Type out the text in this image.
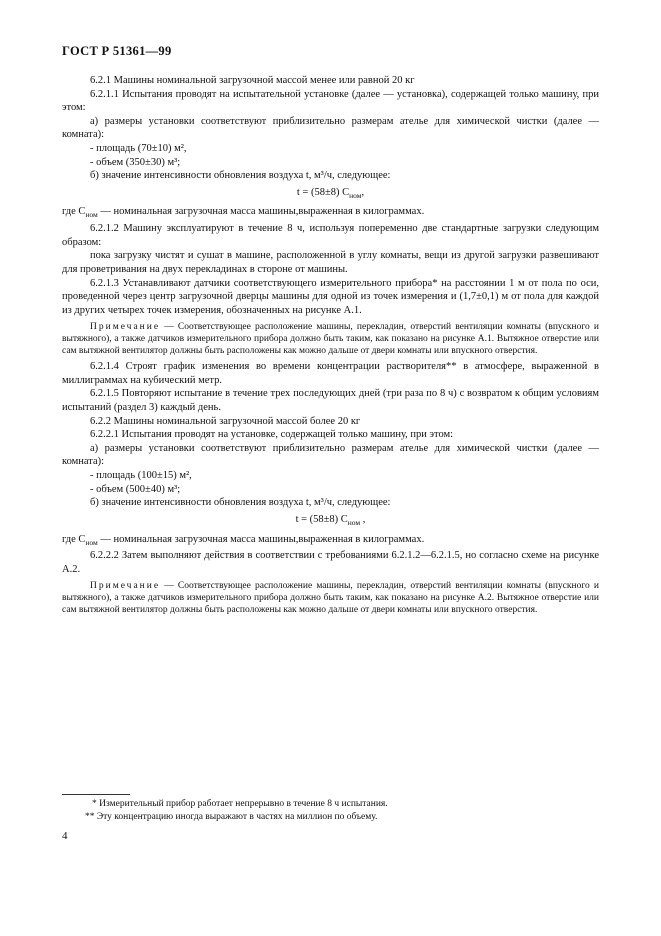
ГОСТ Р 51361—99

6.2.1 Машины номинальной загрузочной массой менее или равной 20 кг

6.2.1.1 Испытания проводят на испытательной установке (далее — установка), содержащей только машину, при этом:

а) размеры установки соответствуют приблизительно размерам ателье для химической чистки (далее — комната):

- площадь (70±10) м²,

- объем (350±30) м³;

б) значение интенсивности обновления воздуха t, м³/ч, следующее:

t = (58±8) $C_{ном}$,

где $C_{ном}$ — номинальная загрузочная масса машины,выраженная в килограммах.

6.2.1.2 Машину эксплуатируют в течение 8 ч, используя попеременно две стандартные загрузки следующим образом:

пока загрузку чистят и сушат в машине, расположенной в углу комнаты, вещи из другой загрузки развешивают для проветривания на двух перекладинах в стороне от машины.

6.2.1.3 Устанавливают датчики соответствующего измерительного прибора* на расстоянии 1 м от пола по оси, проведенной через центр загрузочной дверцы машины для одной из точек измерения и (1,7±0,1) м от пола для каждой из других четырех точек измерения, обозначенных на рисунке А.1.

Примечание — Соответствующее расположение машины, перекладин, отверстий вентиляции комнаты (впускного и вытяжного), а также датчиков измерительного прибора должно быть таким, как показано на рисунке А.1. Вытяжное отверстие или сам вытяжной вентилятор должны быть расположены как можно дальше от двери комнаты или впускного отверстия.

6.2.1.4 Строят график изменения во времени концентрации растворителя** в атмосфере, выраженной в миллиграммах на кубический метр.

6.2.1.5 Повторяют испытание в течение трех последующих дней (три раза по 8 ч) с возвратом к общим условиям испытаний (раздел 3) каждый день.

6.2.2 Машины номинальной загрузочной массой более 20 кг

6.2.2.1 Испытания проводят на установке, содержащей только машину, при этом:

а) размеры установки соответствуют приблизительно размерам ателье для химической чистки (далее — комната):

- площадь (100±15) м²,

- объем (500±40) м³;

б) значение интенсивности обновления воздуха t, м³/ч, следующее:

t = (58±8) $C_{ном}$ ,

где $C_{ном}$ — номинальная загрузочная масса машины,выраженная в килограммах.

6.2.2.2 Затем выполняют действия в соответствии с требованиями 6.2.1.2—6.2.1.5, но согласно схеме на рисунке А.2.

Примечание — Соответствующее расположение машины, перекладин, отверстий вентиляции комнаты (впускного и вытяжного), а также датчиков измерительного прибора должно быть таким, как показано на рисунке А.2. Вытяжное отверстие или сам вытяжной вентилятор должны быть расположены как можно дальше от двери комнаты или впускного отверстия.

* Измерительный прибор работает непрерывно в течение 8 ч испытания.
** Эту концентрацию иногда выражают в частях на миллион по объему.
4
